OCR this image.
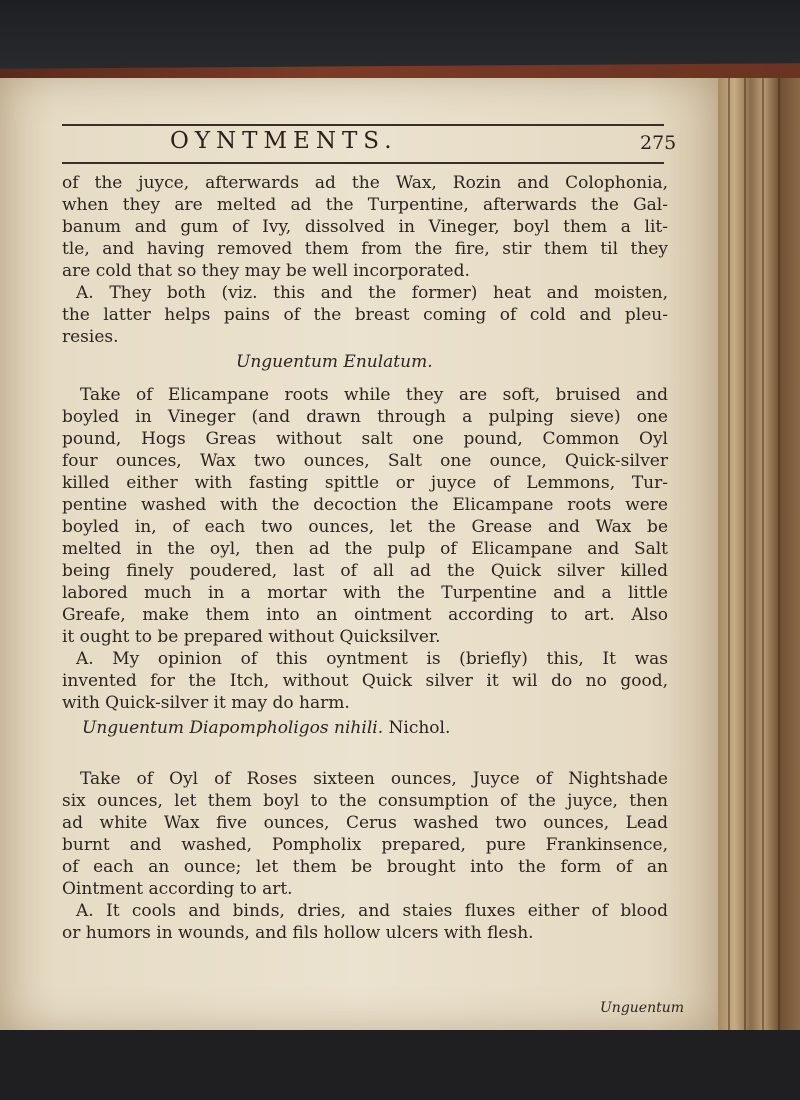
OYNTMENTS.	275
of the juyce, afterwards ad the Wax, Rozin and Colophonia,
when they are melted ad the Turpentine, afterwards the Gal-
banum and gum of Ivy, dissolved in Vineger, boyl them a lit-
tle, and having removed them from the fire, stir them til they
are cold that so they may be well incorporated.
A. They both (viz. this and the former) heat and moisten,
the latter helps pains of the breast coming of cold and pleu-
resies.
Unguentum Enulatum.
Take of Elicampane roots while they are soft, bruised and
boyled in Vineger (and drawn through a pulping sieve) one
pound, Hogs Greas without salt one pound, Common Oyl
four ounces, Wax two ounces, Salt one ounce, Quick-silver
killed either with fasting spittle or juyce of Lemmons, Tur-
pentine washed with the decoction the Elicampane roots were
boyled in, of each two ounces, let the Grease and Wax be
melted in the oyl, then ad the pulp of Elicampane and Salt
being finely poudered, last of all ad the Quick silver killed
labored much in a mortar with the Turpentine and a little
Greafe, make them into an ointment according to art. Also
it ought to be prepared without Quicksilver.
A. My opinion of this oyntment is (briefly) this, It was
invented for the Itch, without Quick silver it wil do no good,
with Quick-silver it may do harm.
Unguentum Diapompholigos nihili. Nichol.
Take of Oyl of Roses sixteen ounces, Juyce of Nightshade
six ounces, let them boyl to the consumption of the juyce, then
ad white Wax five ounces, Cerus washed two ounces, Lead
burnt and washed, Pompholix prepared, pure Frankinsence,
of each an ounce; let them be brought into the form of an
Ointment according to art.
A. It cools and binds, dries, and staies fluxes either of blood
or humors in wounds, and fils hollow ulcers with flesh.
Unguentum
